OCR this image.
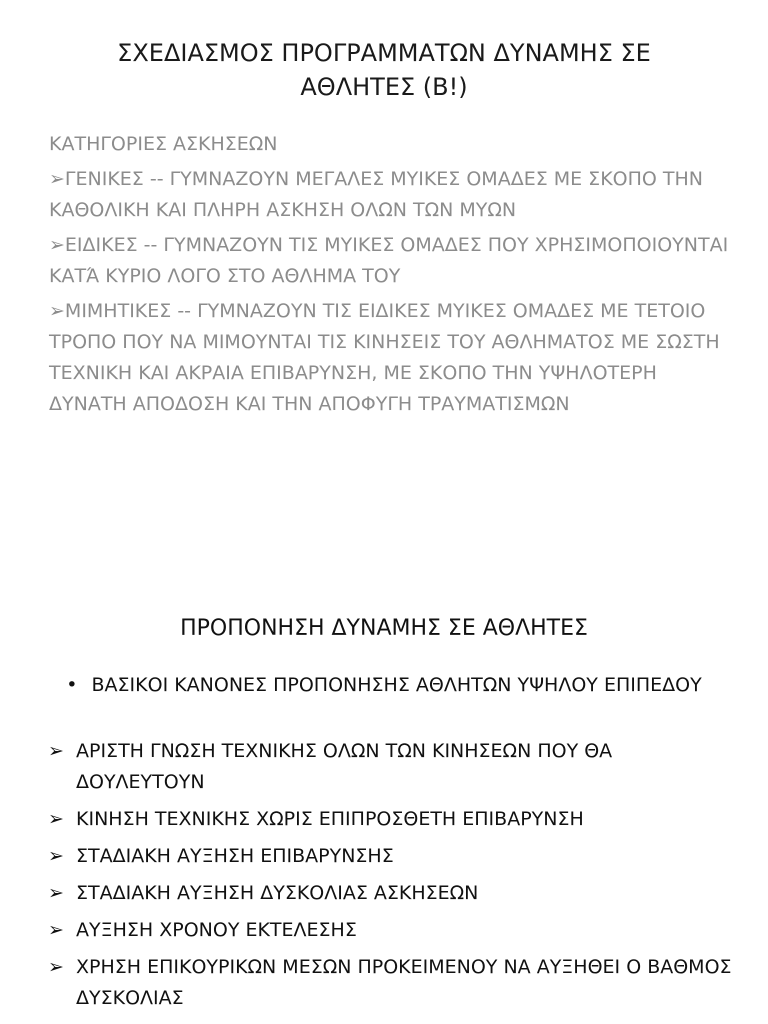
ΣΧΕΔΙΑΣΜΟΣ ΠΡΟΓΡΑΜΜΑΤΩΝ ΔΥΝΑΜΗΣ ΣΕ ΑΘΛΗΤΕΣ (Β!)

ΚΑΤΗΓΟΡΙΕΣ ΑΣΚΗΣΕΩΝ

➢ΓΕΝΙΚΕΣ -- ΓΥΜΝΑΖΟΥΝ ΜΕΓΑΛΕΣ ΜΥΙΚΕΣ ΟΜΑΔΕΣ ΜΕ ΣΚΟΠΟ ΤΗΝ ΚΑΘΟΛΙΚΗ ΚΑΙ ΠΛΗΡΗ ΑΣΚΗΣΗ ΟΛΩΝ ΤΩΝ ΜΥΩΝ

➢ΕΙΔΙΚΕΣ -- ΓΥΜΝΑΖΟΥΝ ΤΙΣ ΜΥΙΚΕΣ ΟΜΑΔΕΣ ΠΟΥ ΧΡΗΣΙΜΟΠΟΙΟΥΝΤΑΙ ΚΑΤΆ ΚΥΡΙΟ ΛΟΓΟ ΣΤΟ ΑΘΛΗΜΑ ΤΟΥ

➢ΜΙΜΗΤΙΚΕΣ -- ΓΥΜΝΑΖΟΥΝ ΤΙΣ ΕΙΔΙΚΕΣ ΜΥΙΚΕΣ ΟΜΑΔΕΣ ΜΕ ΤΕΤΟΙΟ ΤΡΟΠΟ ΠΟΥ ΝΑ ΜΙΜΟΥΝΤΑΙ ΤΙΣ ΚΙΝΗΣΕΙΣ ΤΟΥ ΑΘΛΗΜΑΤΟΣ ΜΕ ΣΩΣΤΗ ΤΕΧΝΙΚΗ ΚΑΙ ΑΚΡΑΙΑ ΕΠΙΒΑΡΥΝΣΗ, ΜΕ ΣΚΟΠΟ ΤΗΝ ΥΨΗΛΟΤΕΡΗ ΔΥΝΑΤΗ ΑΠΟΔΟΣΗ ΚΑΙ ΤΗΝ ΑΠΟΦΥΓΗ ΤΡΑΥΜΑΤΙΣΜΩΝ

ΠΡΟΠΟΝΗΣΗ ΔΥΝΑΜΗΣ ΣΕ ΑΘΛΗΤΕΣ
• ΒΑΣΙΚΟΙ ΚΑΝΟΝΕΣ ΠΡΟΠΟΝΗΣΗΣ ΑΘΛΗΤΩΝ ΥΨΗΛΟΥ ΕΠΙΠΕΔΟΥ
➢ ΑΡΙΣΤΗ ΓΝΩΣΗ ΤΕΧΝΙΚΗΣ ΟΛΩΝ ΤΩΝ ΚΙΝΗΣΕΩΝ ΠΟΥ ΘΑ ΔΟΥΛΕΥΤΟΥΝ
➢ ΚΙΝΗΣΗ ΤΕΧΝΙΚΗΣ ΧΩΡΙΣ ΕΠΙΠΡΟΣΘΕΤΗ ΕΠΙΒΑΡΥΝΣΗ
➢ ΣΤΑΔΙΑΚΗ ΑΥΞΗΣΗ ΕΠΙΒΑΡΥΝΣΗΣ
➢ ΣΤΑΔΙΑΚΗ ΑΥΞΗΣΗ ΔΥΣΚΟΛΙΑΣ ΑΣΚΗΣΕΩΝ
➢ ΑΥΞΗΣΗ ΧΡΟΝΟΥ ΕΚΤΕΛΕΣΗΣ
➢ ΧΡΗΣΗ ΕΠΙΚΟΥΡΙΚΩΝ ΜΕΣΩΝ ΠΡΟΚΕΙΜΕΝΟΥ ΝΑ ΑΥΞΗΘΕΙ Ο ΒΑΘΜΟΣ ΔΥΣΚΟΛΙΑΣ
